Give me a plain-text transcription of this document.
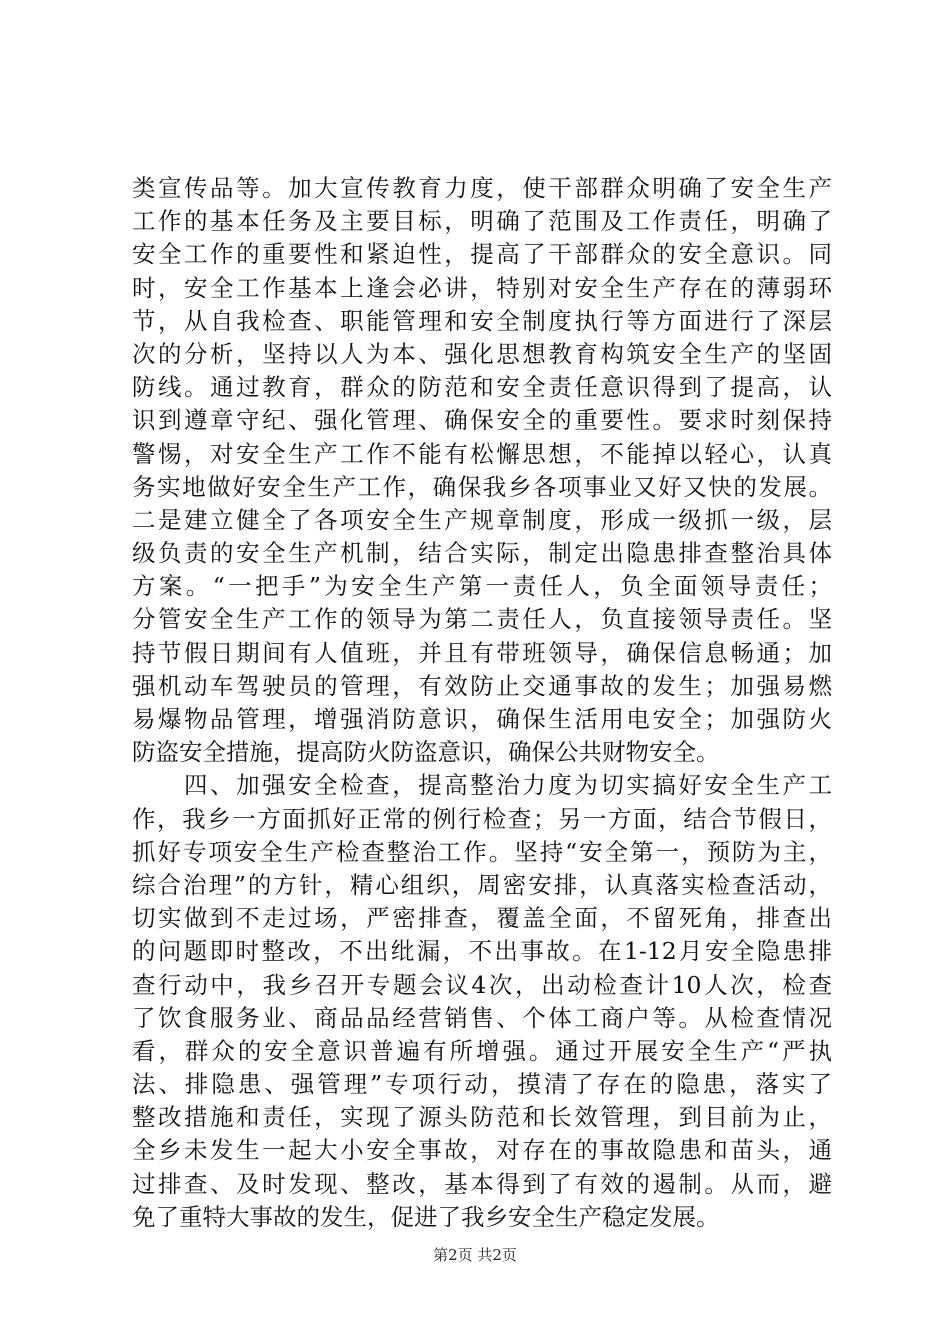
类宣传品等。加大宣传教育力度，使干部群众明确了安全生产
工作的基本任务及主要目标，明确了范围及工作责任，明确了
安全工作的重要性和紧迫性，提高了干部群众的安全意识。同
时，安全工作基本上逢会必讲，特别对安全生产存在的薄弱环
节，从自我检查、职能管理和安全制度执行等方面进行了深层
次的分析，坚持以人为本、强化思想教育构筑安全生产的坚固
防线。通过教育，群众的防范和安全责任意识得到了提高，认
识到遵章守纪、强化管理、确保安全的重要性。要求时刻保持
警惕，对安全生产工作不能有松懈思想，不能掉以轻心，认真
务实地做好安全生产工作，确保我乡各项事业又好又快的发展。
二是建立健全了各项安全生产规章制度，形成一级抓一级，层
级负责的安全生产机制，结合实际，制定出隐患排查整治具体
方案。“一把手”为安全生产第一责任人，负全面领导责任；
分管安全生产工作的领导为第二责任人，负直接领导责任。坚
持节假日期间有人值班，并且有带班领导，确保信息畅通；加
强机动车驾驶员的管理，有效防止交通事故的发生；加强易燃
易爆物品管理，增强消防意识，确保生活用电安全；加强防火
防盗安全措施，提高防火防盗意识，确保公共财物安全。
　　四、加强安全检查，提高整治力度为切实搞好安全生产工
作，我乡一方面抓好正常的例行检查；另一方面，结合节假日，
抓好专项安全生产检查整治工作。坚持“安全第一，预防为主，
综合治理”的方针，精心组织，周密安排，认真落实检查活动，
切实做到不走过场，严密排查，覆盖全面，不留死角，排查出
的问题即时整改，不出纰漏，不出事故。在1-12月安全隐患排
查行动中，我乡召开专题会议4次，出动检查计10人次，检查
了饮食服务业、商品品经营销售、个体工商户等。从检查情况
看，群众的安全意识普遍有所增强。通过开展安全生产“严执
法、排隐患、强管理”专项行动，摸清了存在的隐患，落实了
整改措施和责任，实现了源头防范和长效管理，到目前为止，
全乡未发生一起大小安全事故，对存在的事故隐患和苗头，通
过排查、及时发现、整改，基本得到了有效的遏制。从而，避
免了重特大事故的发生，促进了我乡安全生产稳定发展。
第2页 共2页
